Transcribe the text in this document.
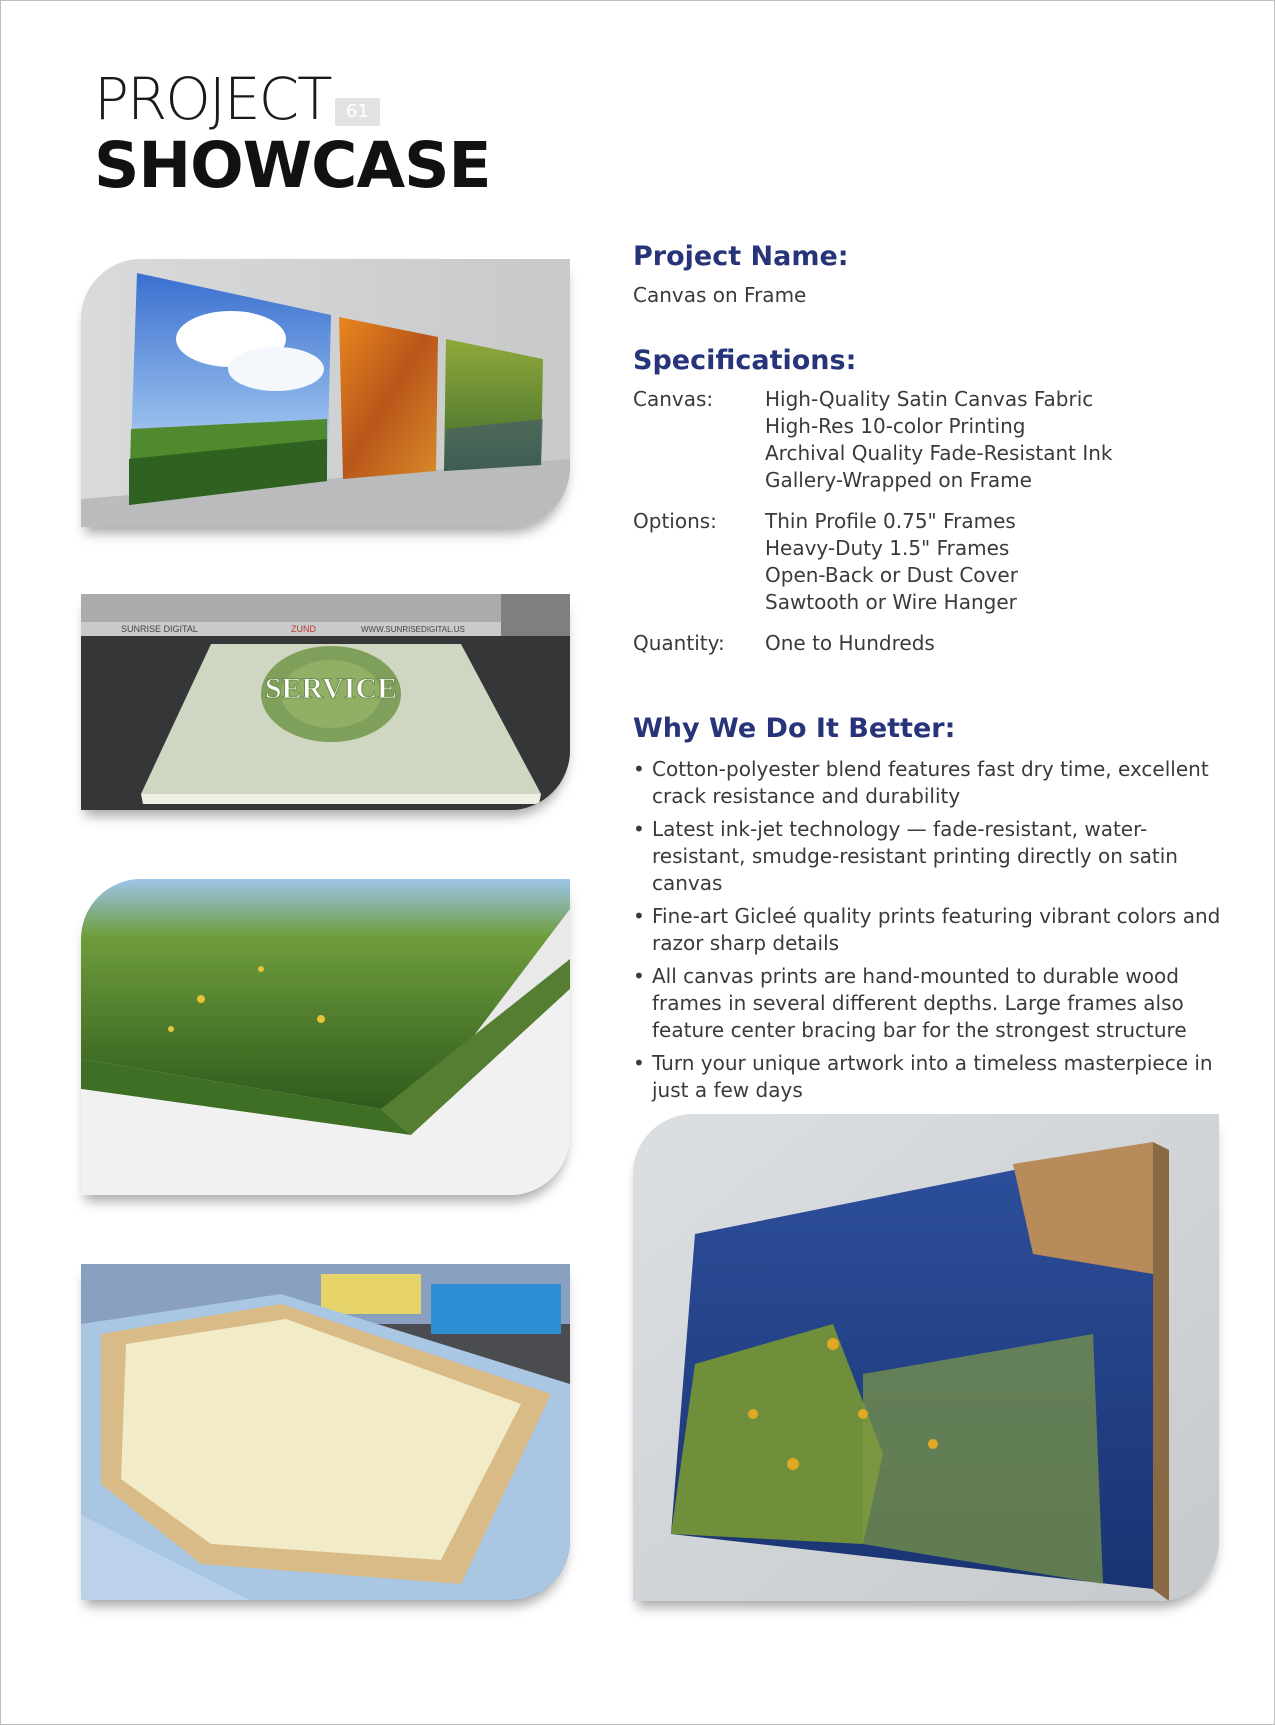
PROJECT 61
SHOWCASE
SUNRISE DIGITAL	ZUND	WWW.SUNRISEDIGITAL.US
SERVICE
Project Name:
Canvas on Frame
Specifications:
Canvas:	High-Quality Satin Canvas Fabric
High-Res 10-color Printing
Archival Quality Fade-Resistant Ink
Gallery-Wrapped on Frame
Options: Thin Profile 0.75" Frames
Heavy-Duty 1.5" Frames
Open-Back or Dust Cover
Sawtooth or Wire Hanger
Quantity: One to Hundreds
Why We Do It Better:
• Cotton-polyester blend features fast dry time, excellent crack resistance and durability
• Latest ink-jet technology — fade-resistant, water-resistant, smudge-resistant printing directly on satin canvas
• Fine-art Gicleé quality prints featuring vibrant colors and razor sharp details
• All canvas prints are hand-mounted to durable wood frames in several different depths. Large frames also feature center bracing bar for the strongest structure
• Turn your unique artwork into a timeless masterpiece in just a few days
